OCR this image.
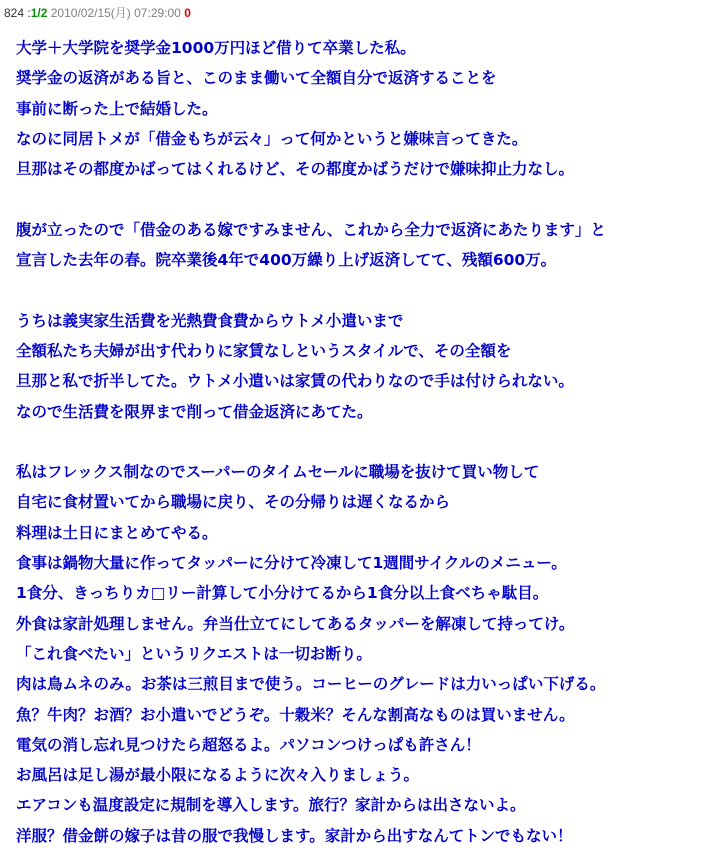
824 :1/2 2010/02/15(月) 07:29:00 0
大学＋大学院を奨学金1000万円ほど借りて卒業した私。
奨学金の返済がある旨と、このまま働いて全額自分で返済することを
事前に断った上で結婚した。
なのに同居トメが「借金もちが云々」って何かというと嫌味言ってきた。
旦那はその都度かばってはくれるけど、その都度かばうだけで嫌味抑止力なし。
腹が立ったので「借金のある嫁ですみません、これから全力で返済にあたります」と
宣言した去年の春。院卒業後4年で400万繰り上げ返済してて、残額600万。
うちは義実家生活費を光熱費食費からウトメ小遣いまで
全額私たち夫婦が出す代わりに家賃なしというスタイルで、その全額を
旦那と私で折半してた。ウトメ小遣いは家賃の代わりなので手は付けられない。
なので生活費を限界まで削って借金返済にあてた。
私はフレックス制なのでスーパーのタイムセールに職場を抜けて買い物して
自宅に食材置いてから職場に戻り、その分帰りは遅くなるから
料理は土日にまとめてやる。
食事は鍋物大量に作ってタッパーに分けて冷凍して1週間サイクルのメニュー。
1食分、きっちりカ□リー計算して小分けてるから1食分以上食べちゃ駄目。
外食は家計処理しません。弁当仕立てにしてあるタッパーを解凍して持ってけ。
「これ食べたい」というリクエストは一切お断り。
肉は鳥ムネのみ。お茶は三煎目まで使う。コーヒーのグレードは力いっぱい下げる。
魚？牛肉？お酒？お小遣いでどうぞ。十穀米？そんな割高なものは買いません。
電気の消し忘れ見つけたら超怒るよ。パソコンつけっぱも許さん！
お風呂は足し湯が最小限になるように次々入りましょう。
エアコンも温度設定に規制を導入します。旅行？家計からは出さないよ。
洋服？借金餅の嫁子は昔の服で我慢します。家計から出すなんてトンでもない！
